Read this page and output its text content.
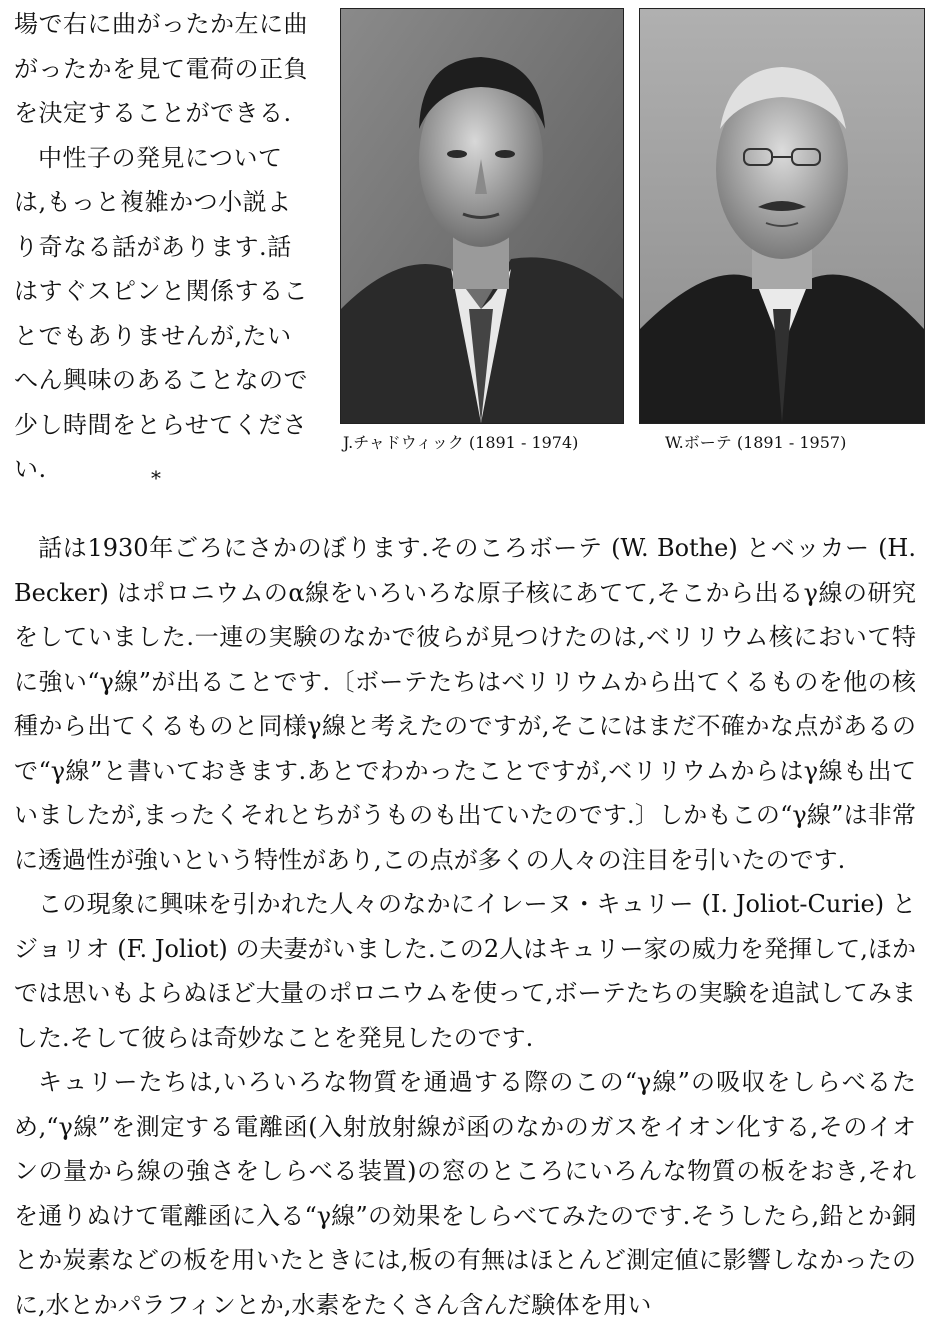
場で右に曲がったか左に曲がったかを見て電荷の正負を決定することができる.

中性子の発見については,もっと複雑かつ小説より奇なる話があります.話はすぐスピンと関係することでもありませんが,たいへん興味のあることなので少し時間をとらせてください.

J.チャドウィック (1891 - 1974)	W.ボーテ (1891 - 1957)
*

話は1930年ごろにさかのぼります.そのころボーテ (W. Bothe) とベッカー (H. Becker) はポロニウムのα線をいろいろな原子核にあてて,そこから出るγ線の研究をしていました.一連の実験のなかで彼らが見つけたのは,ベリリウム核において特に強い“γ線”が出ることです.〔ボーテたちはベリリウムから出てくるものを他の核種から出てくるものと同様γ線と考えたのですが,そこにはまだ不確かな点があるので“γ線”と書いておきます.あとでわかったことですが,ベリリウムからはγ線も出ていましたが,まったくそれとちがうものも出ていたのです.〕しかもこの“γ線”は非常に透過性が強いという特性があり,この点が多くの人々の注目を引いたのです.

この現象に興味を引かれた人々のなかにイレーヌ・キュリー (I. Joliot-Curie) とジョリオ (F. Joliot) の夫妻がいました.この2人はキュリー家の威力を発揮して,ほかでは思いもよらぬほど大量のポロニウムを使って,ボーテたちの実験を追試してみました.そして彼らは奇妙なことを発見したのです.

キュリーたちは,いろいろな物質を通過する際のこの“γ線”の吸収をしらべるため,“γ線”を測定する電離函(入射放射線が函のなかのガスをイオン化する,そのイオンの量から線の強さをしらべる装置)の窓のところにいろんな物質の板をおき,それを通りぬけて電離函に入る“γ線”の効果をしらべてみたのです.そうしたら,鉛とか銅とか炭素などの板を用いたときには,板の有無はほとんど測定値に影響しなかったのに,水とかパラフィンとか,水素をたくさん含んだ験体を用い
